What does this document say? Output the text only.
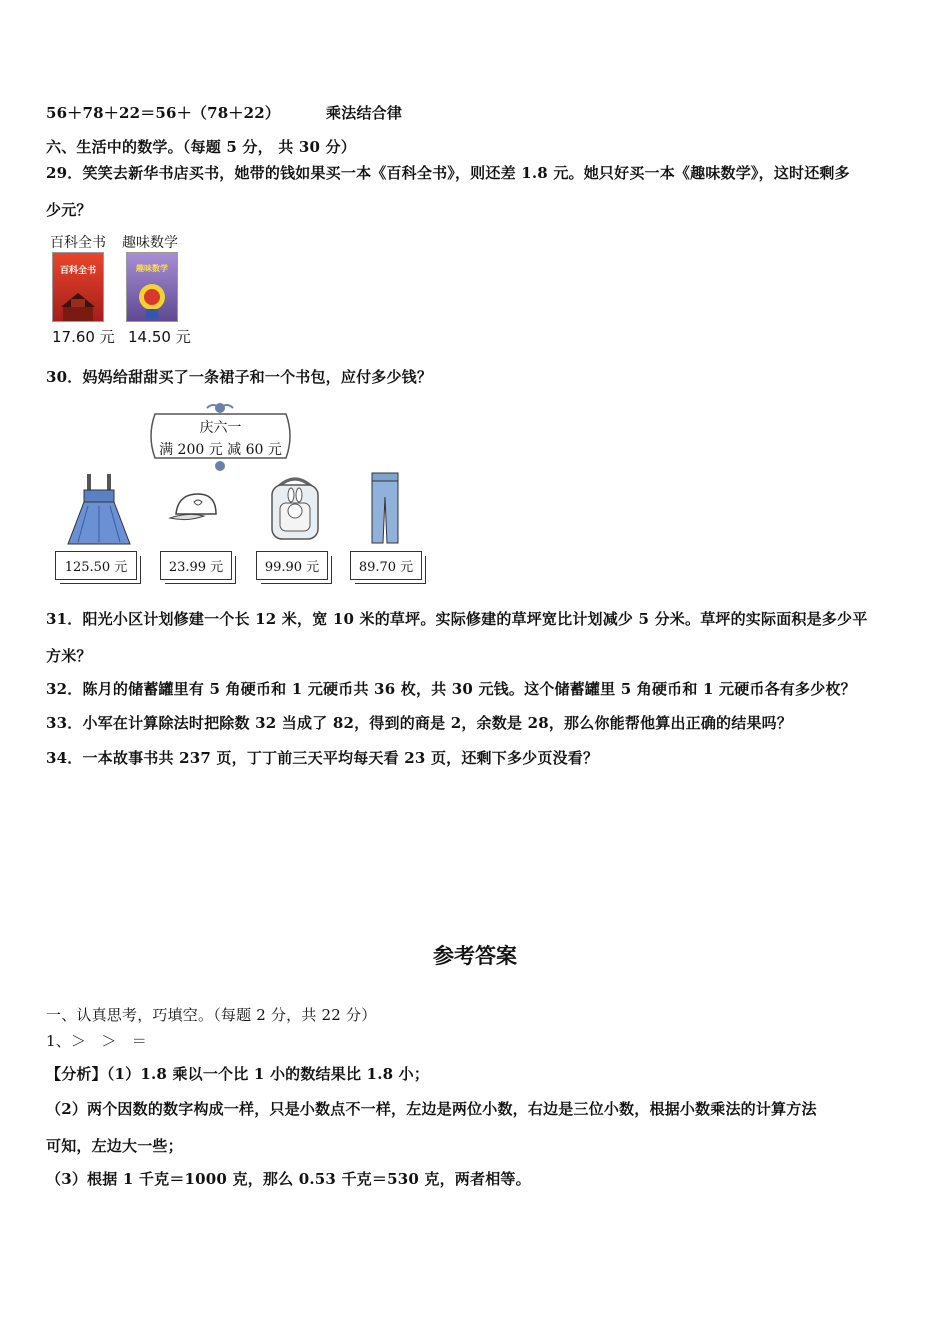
56＋78＋22＝56＋（78＋22）	乘法结合律
六、生活中的数学。（每题 5 分， 共 30 分）
29．笑笑去新华书店买书，她带的钱如果买一本《百科全书》，则还差 1.8 元。她只好买一本《趣味数学》，这时还剩多
少元？
百科全书
百科全书
17.60 元
趣味数学
趣味数学
14.50 元
30．妈妈给甜甜买了一条裙子和一个书包，应付多少钱？
庆六一
满 200 元 减 60 元
125.50 元	23.99 元	99.90 元	89.70 元
31．阳光小区计划修建一个长 12 米，宽 10 米的草坪。实际修建的草坪宽比计划减少 5 分米。草坪的实际面积是多少平
方米？
32．陈月的储蓄罐里有 5 角硬币和 1 元硬币共 36 枚，共 30 元钱。这个储蓄罐里 5 角硬币和 1 元硬币各有多少枚？
33．小军在计算除法时把除数 32 当成了 82，得到的商是 2，余数是 28，那么你能帮他算出正确的结果吗？
34．一本故事书共 237 页，丁丁前三天平均每天看 23 页，还剩下多少页没看？
参考答案
一、认真思考，巧填空。（每题 2 分，共 22 分）
1、＞　＞　＝
【分析】（1）1.8 乘以一个比 1 小的数结果比 1.8 小；
（2）两个因数的数字构成一样，只是小数点不一样，左边是两位小数，右边是三位小数，根据小数乘法的计算方法
可知，左边大一些；
（3）根据 1 千克＝1000 克，那么 0.53 千克＝530 克，两者相等。
